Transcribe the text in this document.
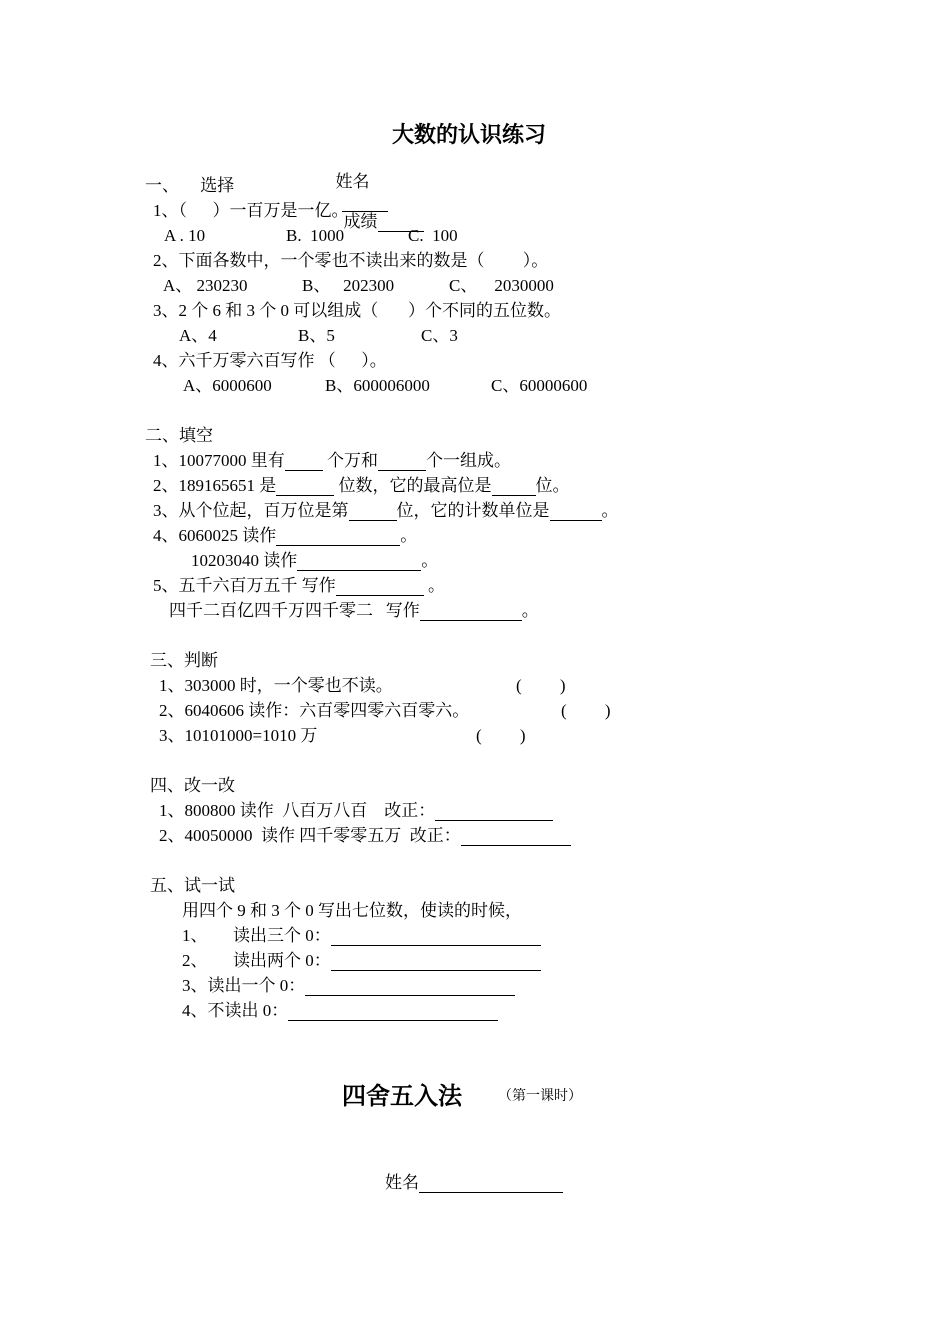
大数的认识练习

姓名

成绩

一、     选择
1、（      ）一百万是一亿。
A . 10	B.  1000	C.  100
2、下面各数中，一个零也不读出来的数是（         ）。
A、 230230	B、   202300	C、    2030000
3、2 个 6 和 3 个 0 可以组成（       ）个不同的五位数。
A、4	B、5	C、3
4、六千万零六百写作 （      ）。
A、6000600	B、600006000	C、60000600
二、填空
1、10077000 里有 个万和	个一组成。
2、189165651 是	位数，它的最高位是	位。
3、从个位起，百万位是第	位，它的计数单位是	。
4、6060025 读作	。
10203040 读作	。
5、五千六百万五千 写作	。
四千二百亿四千万四千零二   写作	。
三、判断
1、303000 时，一个零也不读。	(         )
2、6040606 读作：六百零四零六百零六。	(         )
3、10101000=1010 万	(         )
四、改一改
1、800800 读作  八百万八百    改正：
2、40050000  读作 四千零零五万  改正：
五、试一试
用四个 9 和 3 个 0 写出七位数，使读的时候，
1、      读出三个 0：
2、      读出两个 0：
3、读出一个 0：
4、不读出 0：
四舍五入法	（第一课时）
姓名
